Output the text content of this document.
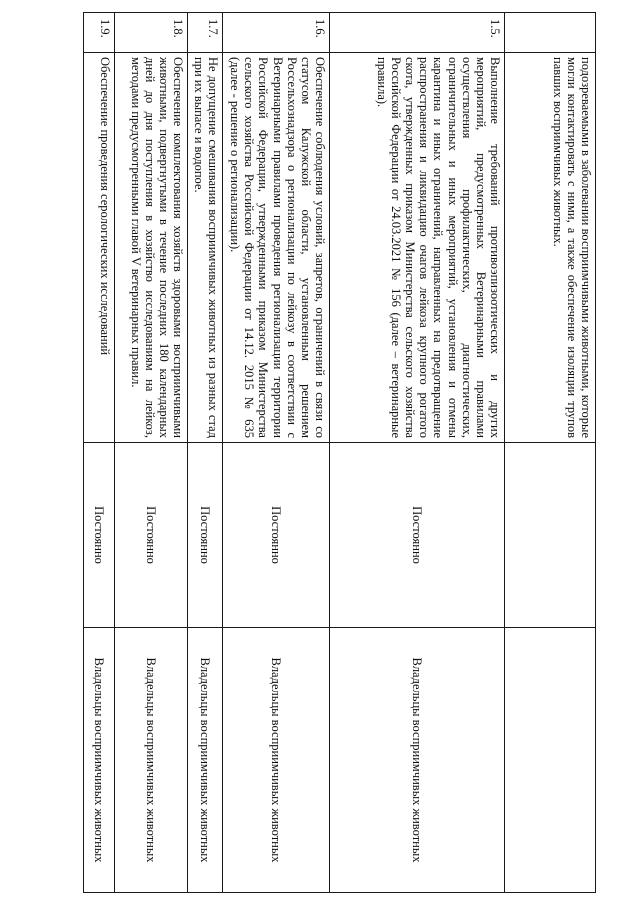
	подозреваемыми в заболевании восприимчивыми животными, которые могли контактировать с ними, а также обеспечение изоляции трупов павших восприимчивых животных.		
1.5.	Выполнение требований противоэпизоотических и других мероприятий, предусмотренных Ветеринарными правилами осуществления профилактических, диагностических, ограничительных и иных мероприятий, установления и отмены карантина и иных ограничений, направленных на предотвращение распространения и ликвидацию очагов лейкоза крупного рогатого скота, утвержденных приказом Министерства сельского хозяйства Российской Федерации от 24.03.2021 № 156 (далее – ветеринарные правила).	Постоянно	Владельцы восприимчивых животных
1.6.	Обеспечение соблюдения условий, запретов, ограничений в связи со статусом Калужской области, установленным решением Россельхознадзора о регионализации по лейкозу в соответствии с Ветеринарными правилами проведения регионализации территории Российской Федерации, утвержденными приказом Министерства сельского хозяйства Российской Федерации от 14.12. 2015 № 635 (далее - решение о регионализации).	Постоянно	Владельцы восприимчивых животных
1.7.	Не допущение смешивания восприимчивых животных из разных стад при их выпасе и водопое.	Постоянно	Владельцы восприимчивых животных
1.8.	Обеспечение комплектования хозяйств здоровыми восприимчивыми животными, подвергнутыми в течение последних 180 календарных дней до дня поступления в хозяйство исследованиям на лейкоз, методами предусмотренными главой V ветеринарных правил.	Постоянно	Владельцы восприимчивых животных
1.9.	Обеспечение проведения серологических исследований	Постоянно	Владельцы восприимчивых животных
